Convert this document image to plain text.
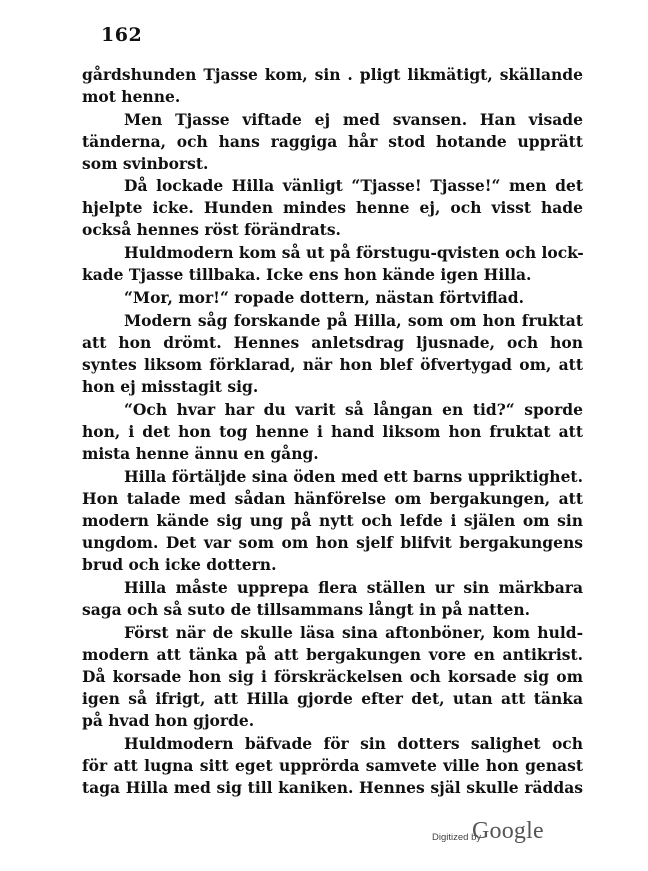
162
gårdshunden Tjasse kom, sin . pligt likmätigt, skällande
mot henne.
Men Tjasse viftade ej med svansen. Han visade
tänderna, och hans raggiga hår stod hotande upprätt
som svinborst.
Då lockade Hilla vänligt “Tjasse! Tjasse!“ men det
hjelpte icke. Hunden mindes henne ej, och visst hade
också hennes röst förändrats.
Huldmodern kom så ut på förstugu-qvisten och lock-
kade Tjasse tillbaka. Icke ens hon kände igen Hilla.
“Mor, mor!“ ropade dottern, nästan förtviflad.
Modern såg forskande på Hilla, som om hon fruktat
att hon drömt. Hennes anletsdrag ljusnade, och hon
syntes liksom förklarad, när hon blef öfvertygad om, att
hon ej misstagit sig.
“Och hvar har du varit så långan en tid?“ sporde
hon, i det hon tog henne i hand liksom hon fruktat att
mista henne ännu en gång.
Hilla förtäljde sina öden med ett barns uppriktighet.
Hon talade med sådan hänförelse om bergakungen, att
modern kände sig ung på nytt och lefde i själen om sin
ungdom. Det var som om hon sjelf blifvit bergakungens
brud och icke dottern.
Hilla måste upprepa flera ställen ur sin märkbara
saga och så suto de tillsammans långt in på natten.
Först när de skulle läsa sina aftonböner, kom huld-
modern att tänka på att bergakungen vore en antikrist.
Då korsade hon sig i förskräckelsen och korsade sig om
igen så ifrigt, att Hilla gjorde efter det, utan att tänka
på hvad hon gjorde.
Huldmodern bäfvade för sin dotters salighet och
för att lugna sitt eget upprörda samvete ville hon genast
taga Hilla med sig till kaniken. Hennes själ skulle räddas
Digitized by
Google
